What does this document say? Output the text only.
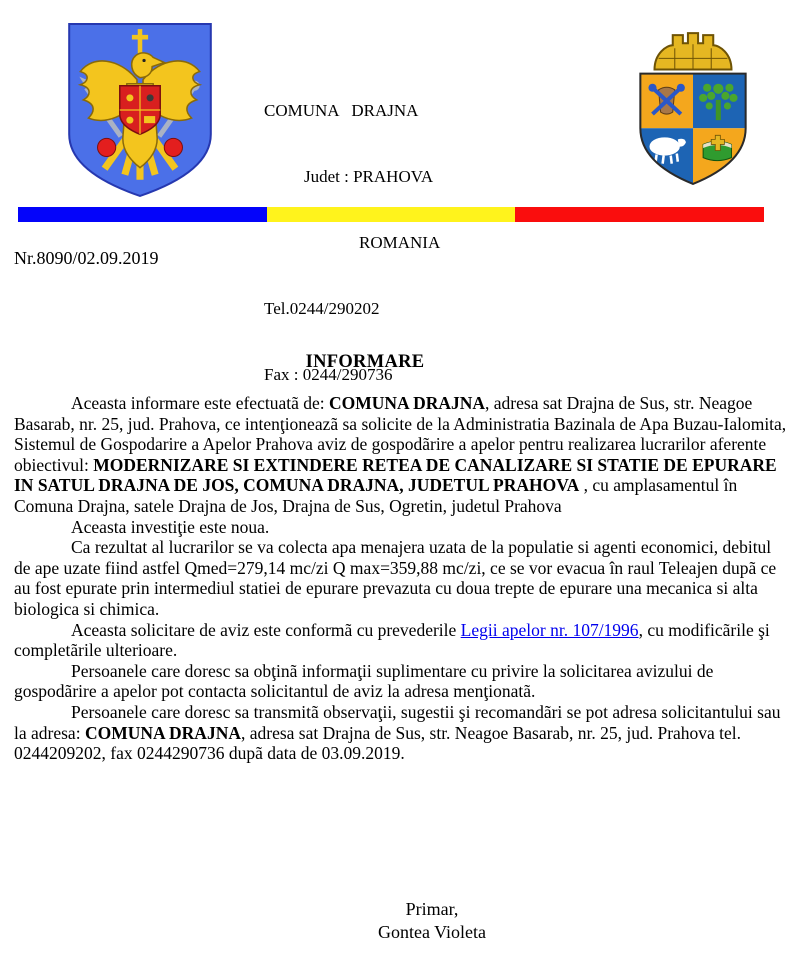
COMUNA   DRAJNA

Judet : PRAHOVA

ROMANIA

Tel.0244/290202

Fax : 0244/290736

Nr.8090/02.09.2019
INFORMARE

Aceasta informare este efectuatã de: COMUNA DRAJNA, adresa sat Drajna de Sus, str. Neagoe Basarab, nr. 25, jud. Prahova, ce intenţioneazã sa solicite de la Administratia Bazinala de Apa Buzau-Ialomita, Sistemul de Gospodarire a Apelor Prahova aviz de gospodãrire a apelor pentru realizarea lucrarilor aferente obiectivul: MODERNIZARE SI EXTINDERE RETEA DE CANALIZARE SI STATIE DE EPURARE IN SATUL DRAJNA DE JOS, COMUNA DRAJNA, JUDETUL PRAHOVA , cu amplasamentul în Comuna Drajna, satele Drajna de Jos, Drajna de Sus, Ogretin, judetul Prahova

Aceasta investiţie este noua.

Ca rezultat al lucrarilor se va colecta apa menajera uzata de la populatie si agenti economici, debitul de ape uzate fiind astfel Qmed=279,14 mc/zi Q max=359,88 mc/zi, ce se vor evacua în raul Teleajen dupã ce au fost epurate prin intermediul statiei de epurare prevazuta cu doua trepte de epurare una mecanica si alta biologica si chimica.

Aceasta solicitare de aviz este conformã cu prevederile Legii apelor nr. 107/1996, cu modificãrile şi completãrile ulterioare.

Persoanele care doresc sa obţinã informaţii suplimentare cu privire la solicitarea avizului de gospodãrire a apelor pot contacta solicitantul de aviz la adresa menţionatã.

Persoanele care doresc sa transmitã observaţii, sugestii şi recomandãri se pot adresa solicitantului sau la adresa: COMUNA DRAJNA, adresa sat Drajna de Sus, str. Neagoe Basarab, nr. 25, jud. Prahova tel. 0244209202, fax 0244290736 dupã data de 03.09.2019.

Primar,
Gontea Violeta
